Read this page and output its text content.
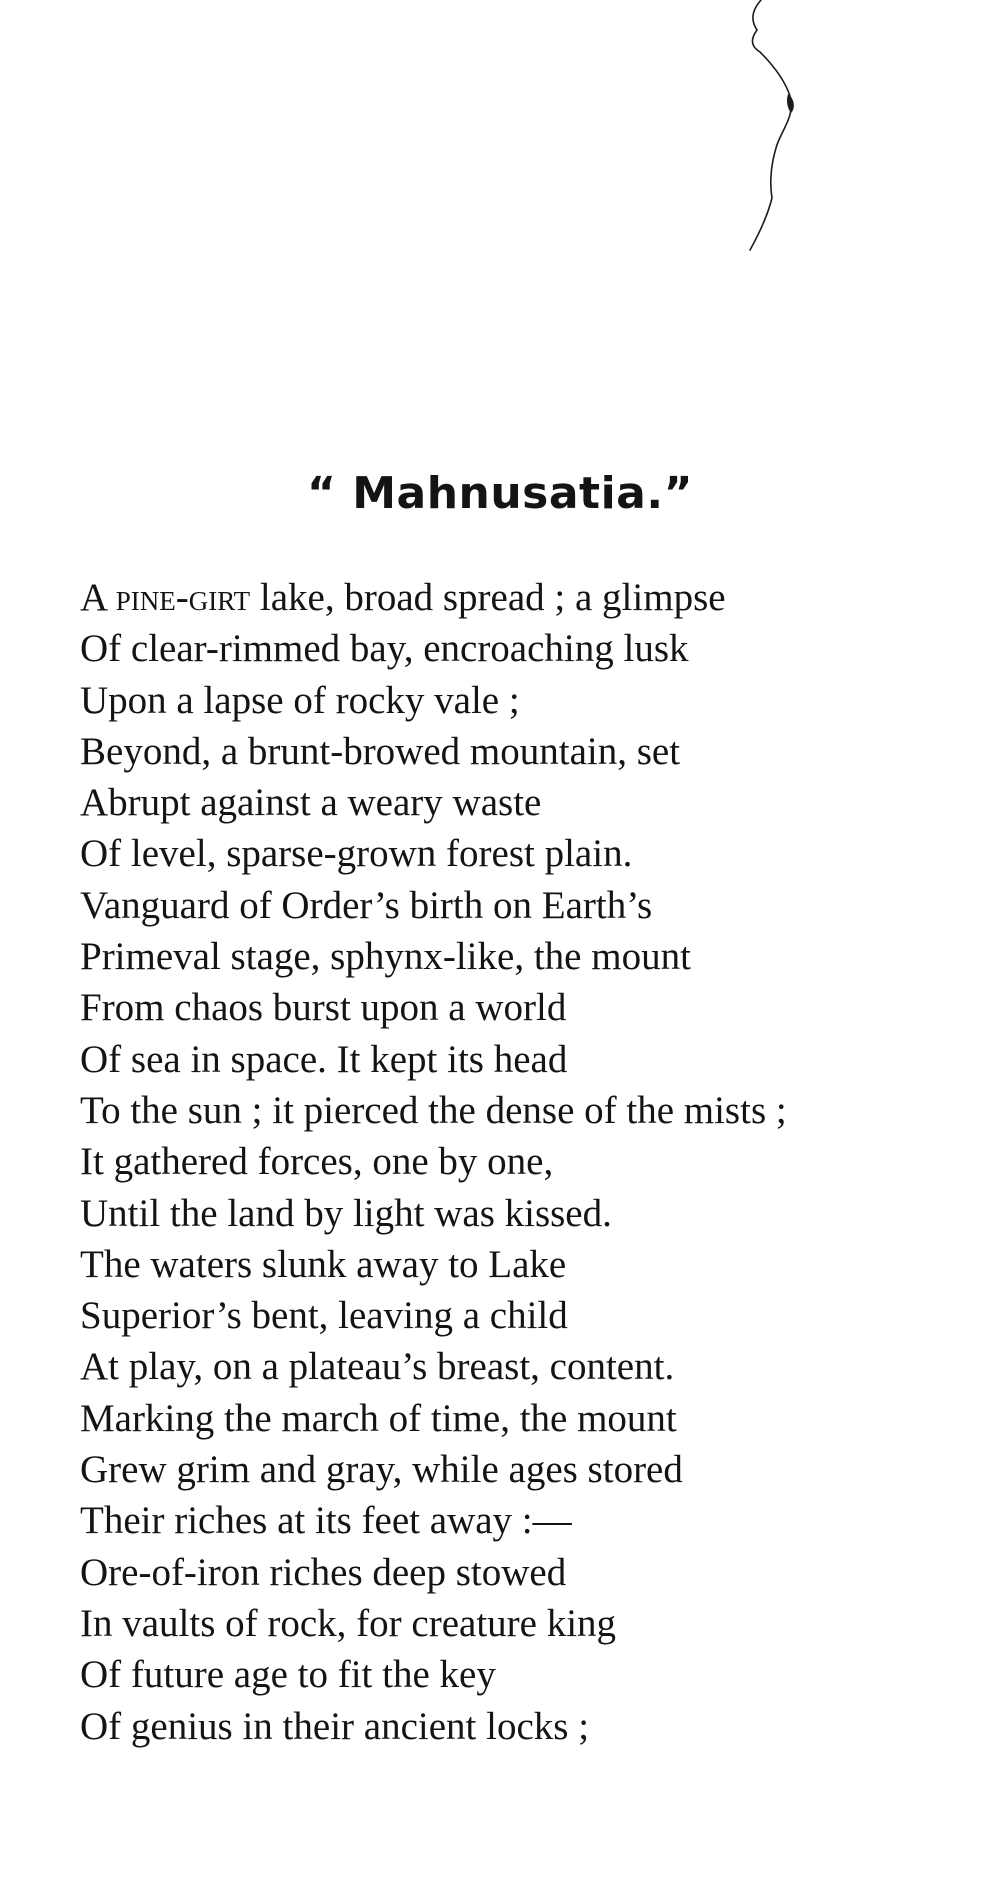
“ Mahnusatia.”
A pine-girt lake, broad spread ; a glimpse
Of clear-rimmed bay, encroaching lusk
Upon a lapse of rocky vale ;
Beyond, a brunt-browed mountain, set
Abrupt against a weary waste
Of level, sparse-grown forest plain.
Vanguard of Order’s birth on Earth’s
Primeval stage, sphynx-like, the mount
From chaos burst upon a world
Of sea in space. It kept its head
To the sun ; it pierced the dense of the mists ;
It gathered forces, one by one,
Until the land by light was kissed.
The waters slunk away to Lake
Superior’s bent, leaving a child
At play, on a plateau’s breast, content.
Marking the march of time, the mount
Grew grim and gray, while ages stored
Their riches at its feet away :—
Ore-of-iron riches deep stowed
In vaults of rock, for creature king
Of future age to fit the key
Of genius in their ancient locks ;
